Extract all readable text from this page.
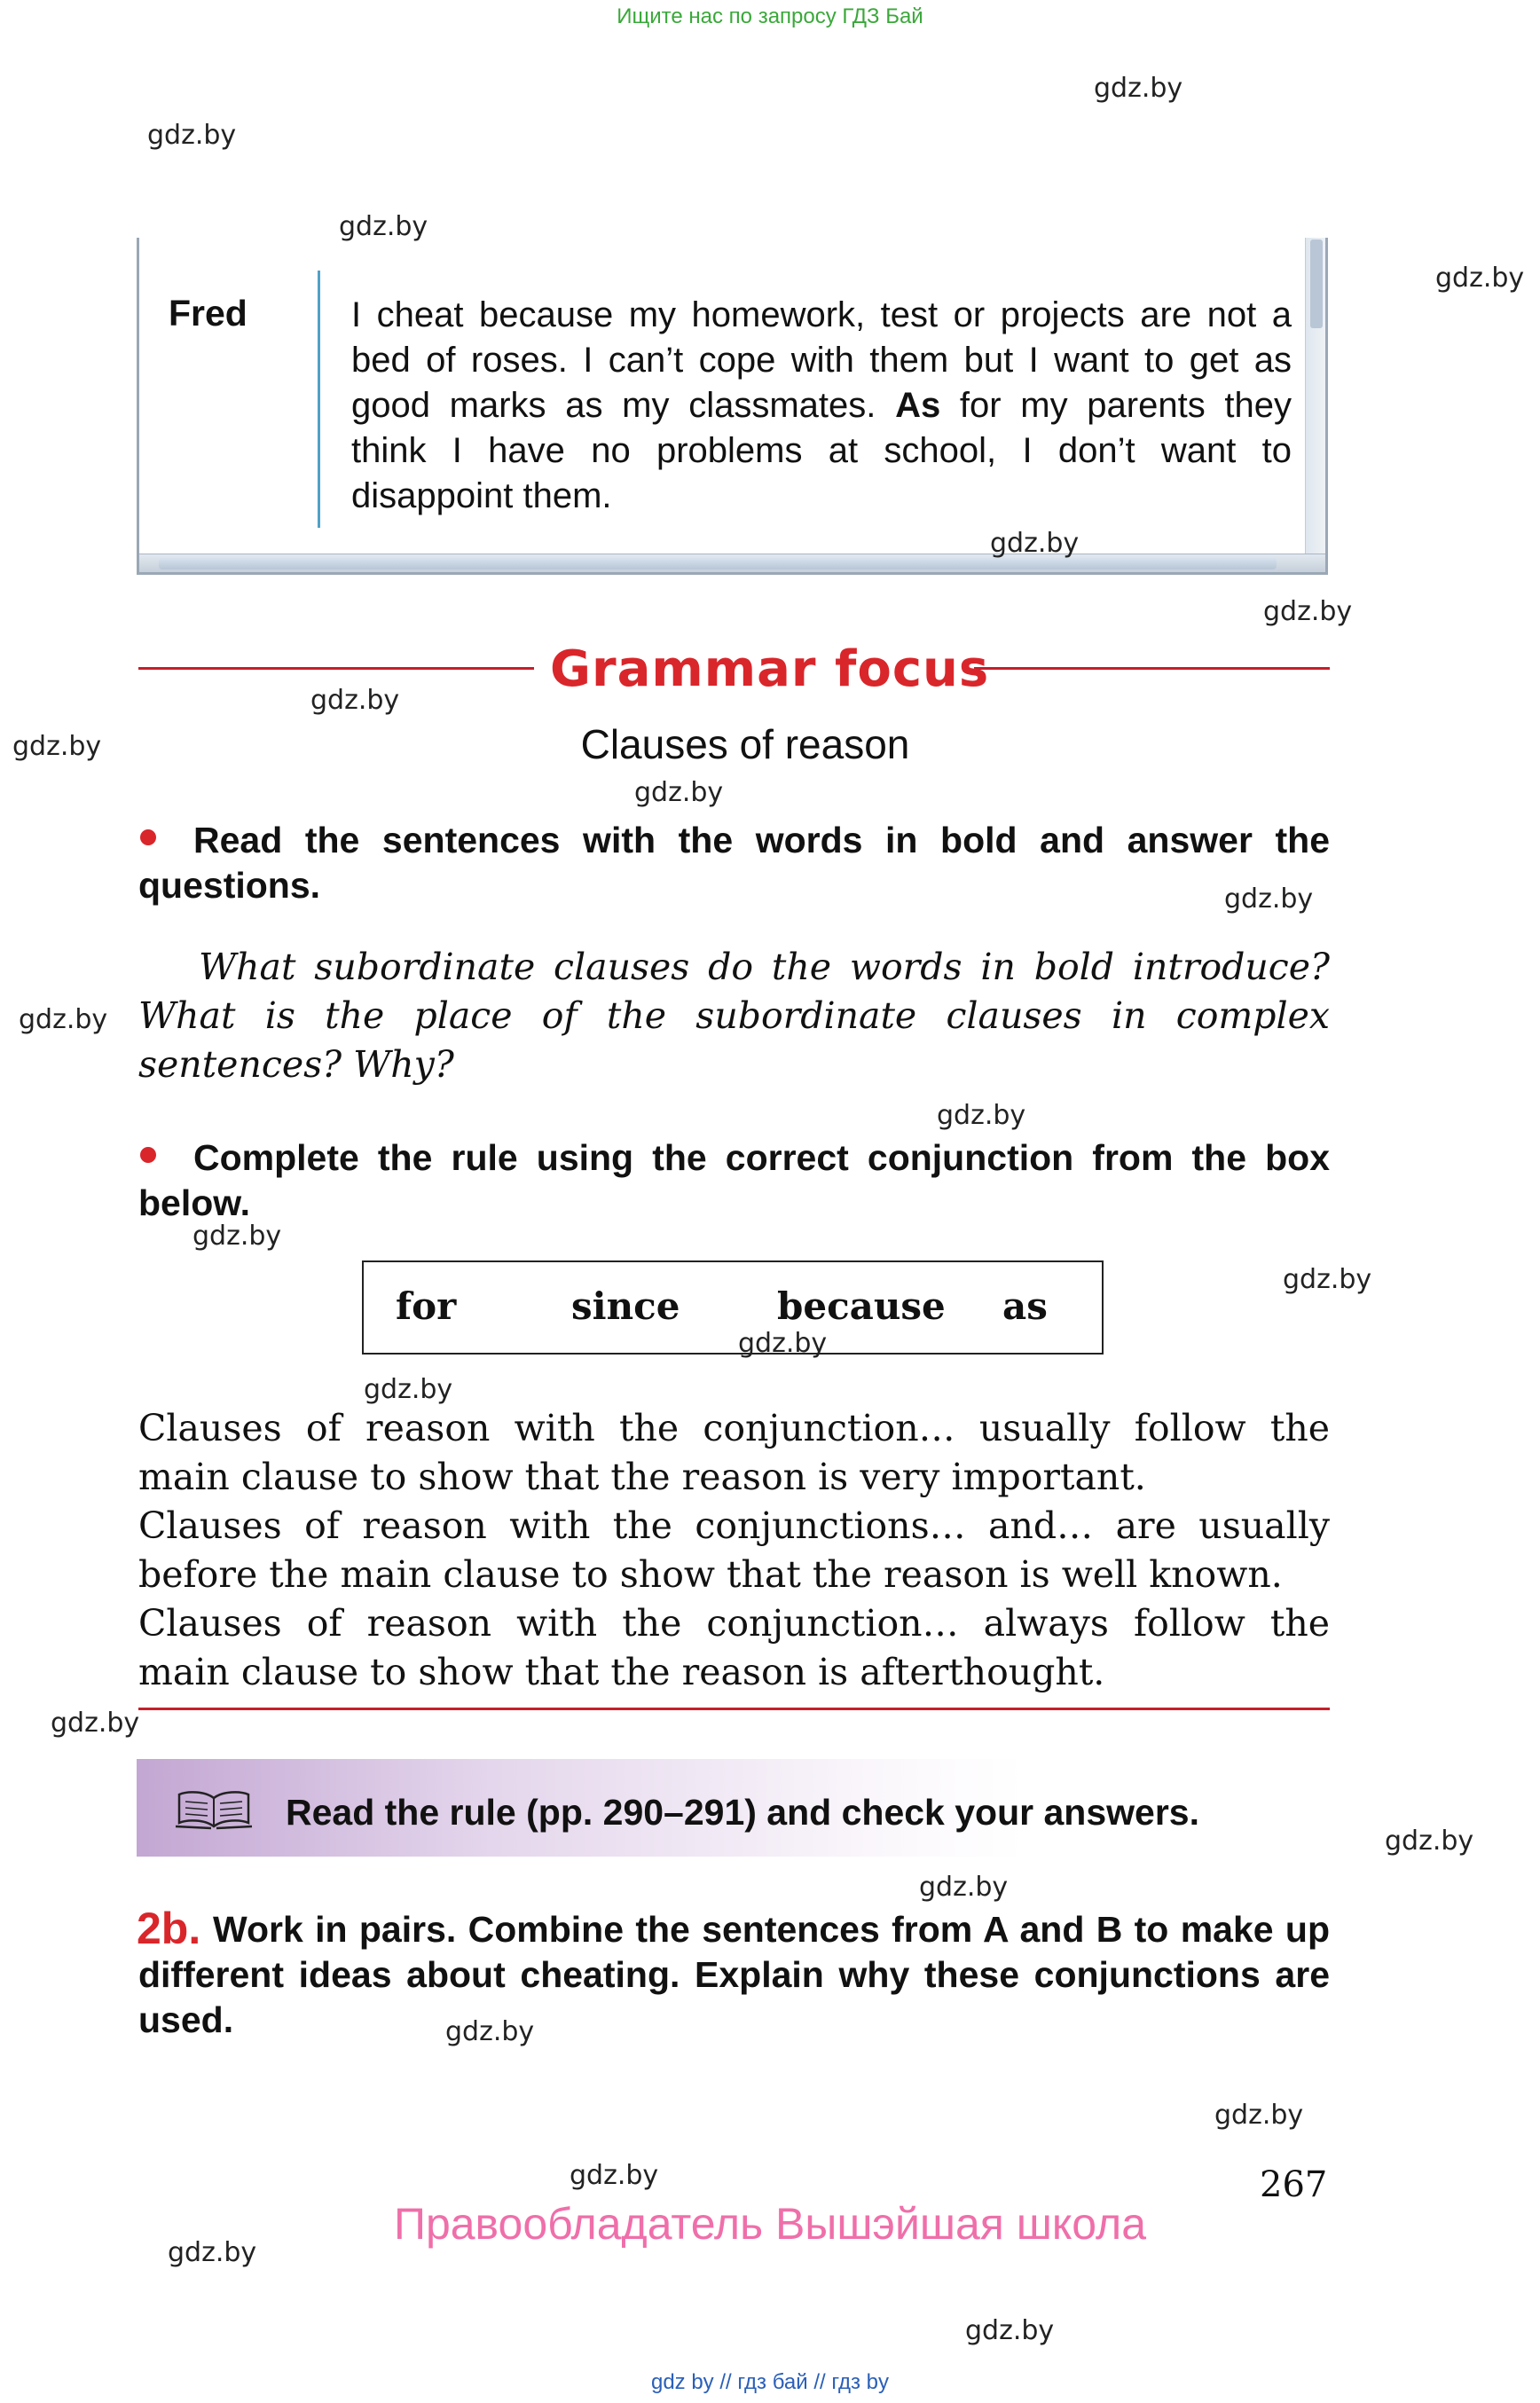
Ищите нас по запросу ГДЗ Бай
Fred	I cheat because my homework, test or projects are not a bed of roses. I can’t cope with them but I want to get as good marks as my classmates. As for my parents they think I have no problems at school, I don’t want to disappoint them.
Grammar focus
Clauses of reason
Read the sentences with the words in bold and answer the questions.
What subordinate clauses do the words in bold introduce? What is the place of the subordinate clauses in complex sentences? Why?
Complete the rule using the correct conjunction from the box below.
for	since	because as
Clauses of reason with the conjunction… usually follow the
main clause to show that the reason is very important.
Clauses of reason with the conjunctions… and… are usually
before the main clause to show that the reason is well known.
Clauses of reason with the conjunction… always follow the
main clause to show that the reason is afterthought.
Read the rule (pp. 290–291) and check your answers.
2b. Work in pairs. Combine the sentences from A and B to make up different ideas about cheating. Explain why these conjunctions are used.
267
Правообладатель Вышэйшая школа
gdz by // гдз бай // гдз by
gdz.by
gdz.by
gdz.by
gdz.by
gdz.by
gdz.by
gdz.by
gdz.by
gdz.by
gdz.by
gdz.by
gdz.by
gdz.by
gdz.by
gdz.by
gdz.by
gdz.by
gdz.by
gdz.by
gdz.by
gdz.by
gdz.by
gdz.by
gdz.by
